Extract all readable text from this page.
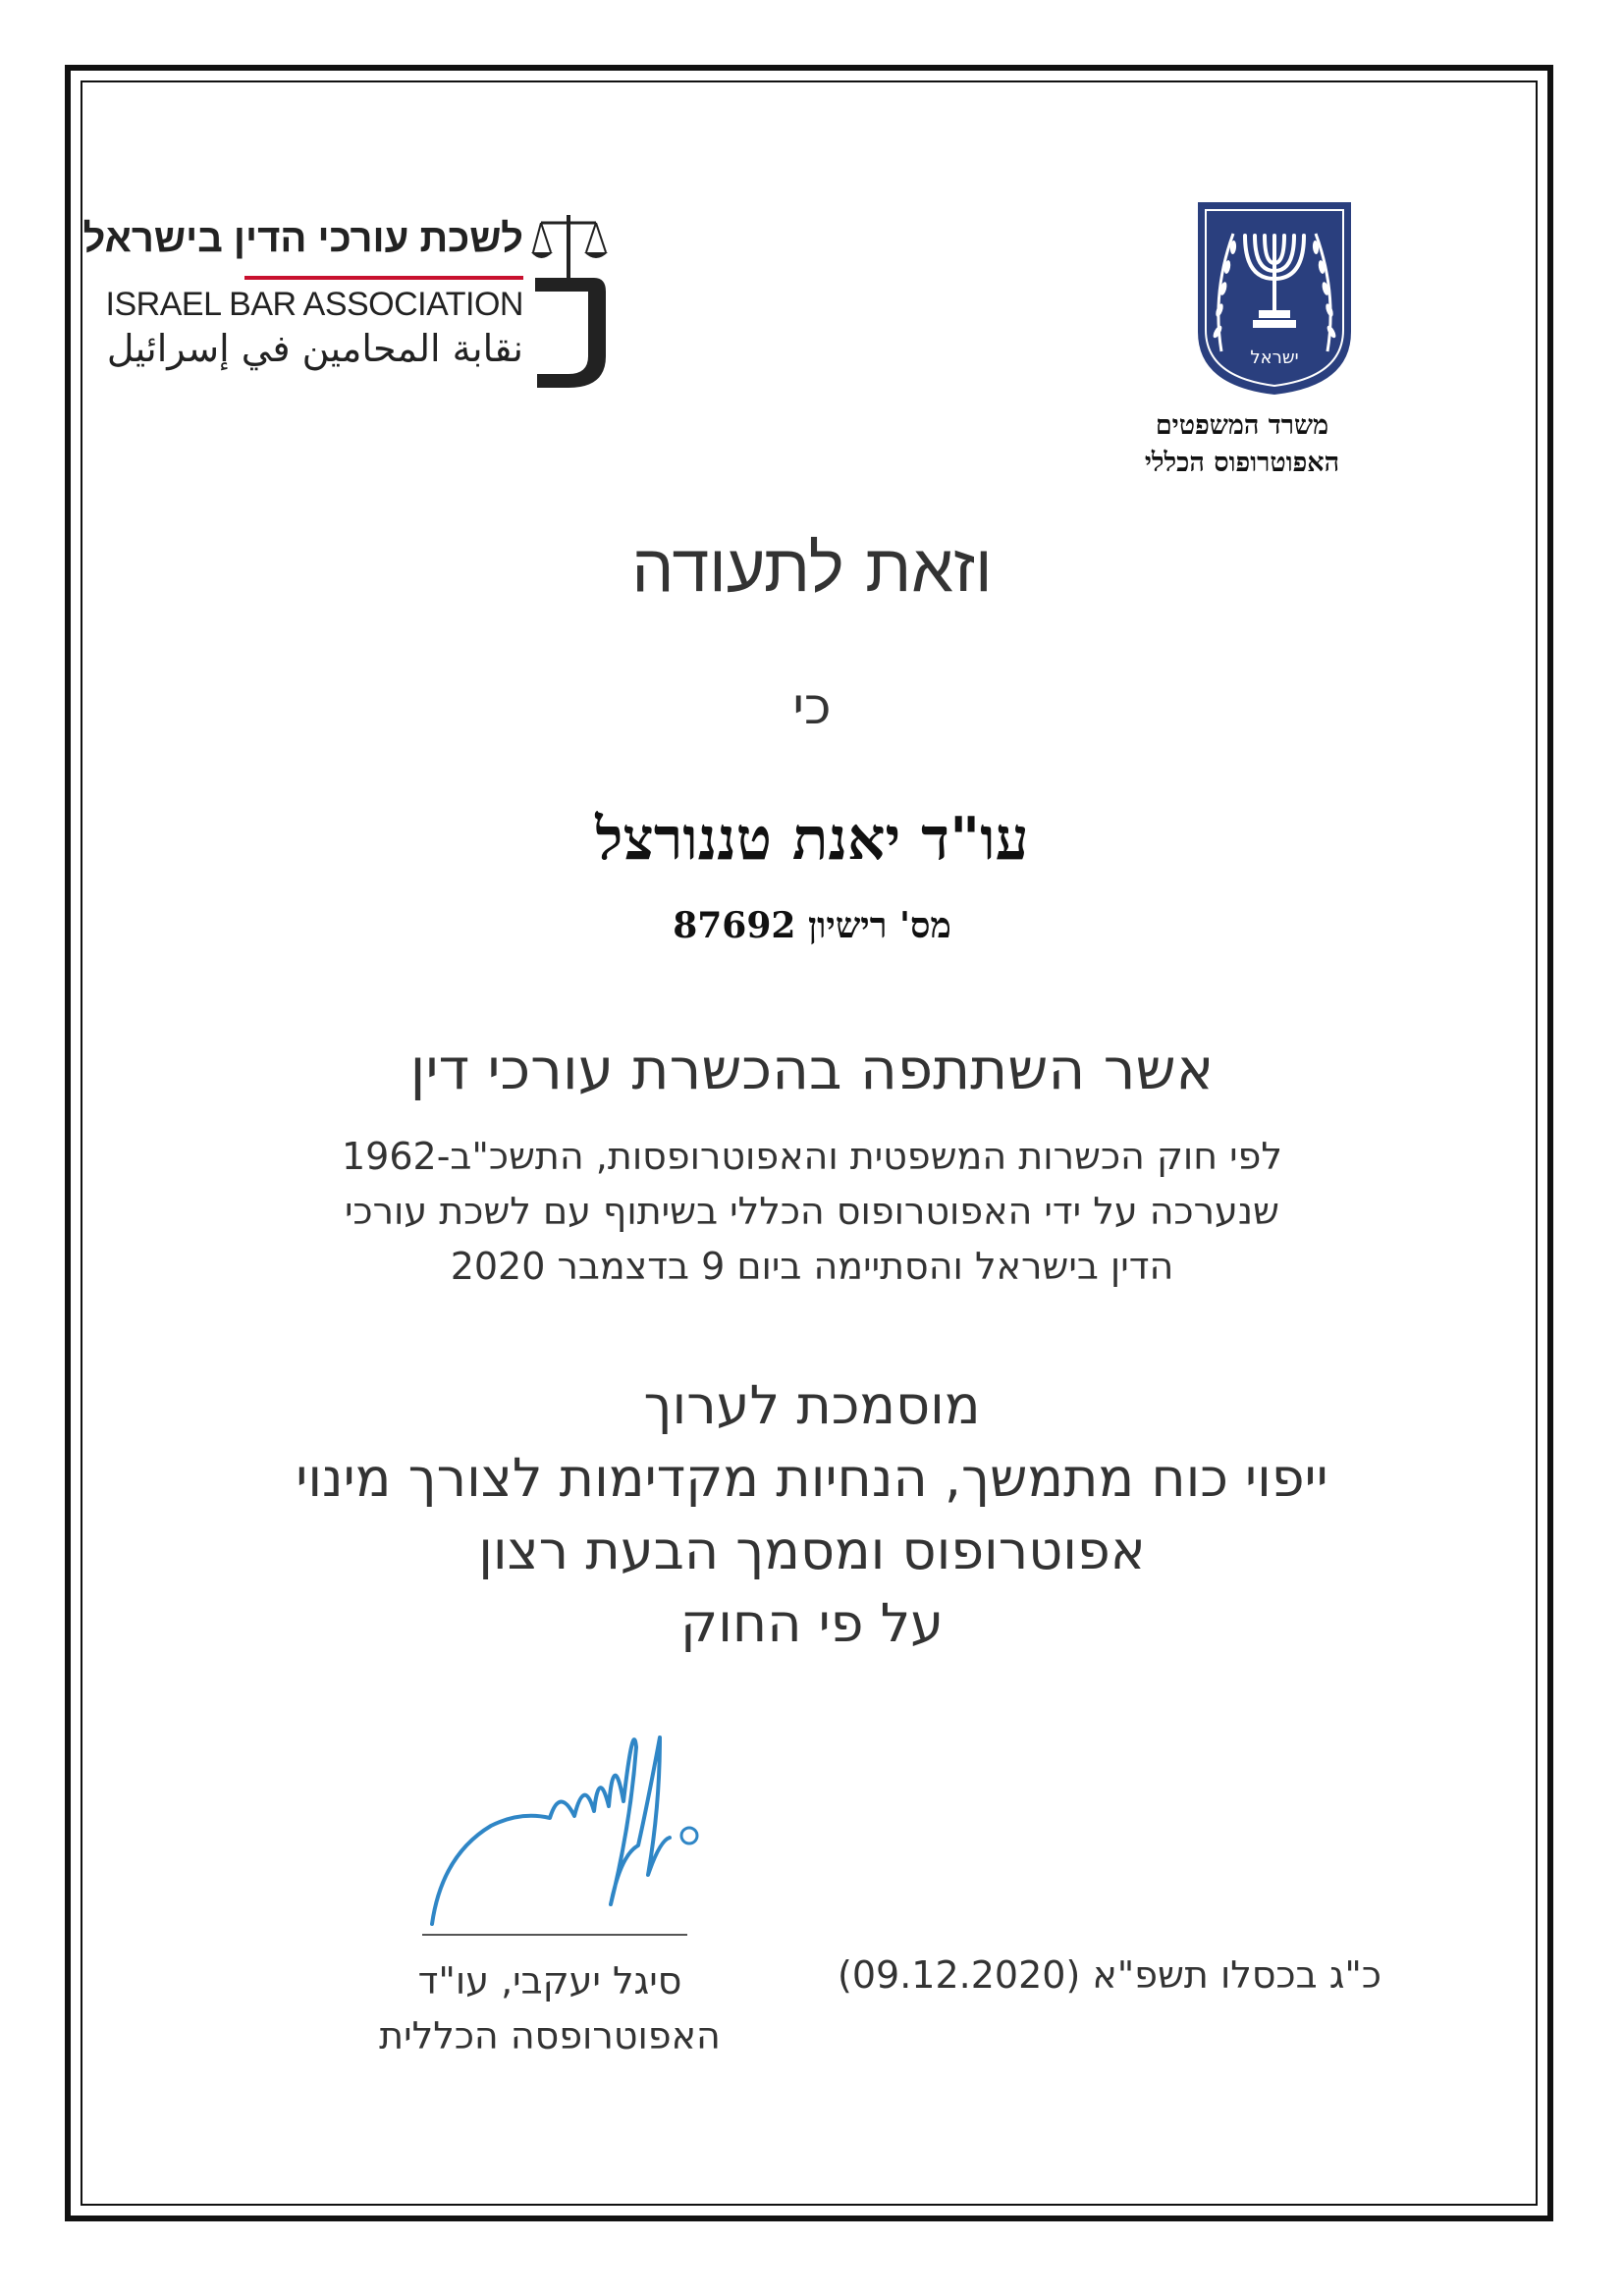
ישראל
משרד המשפטים
האפוטרופוס הכללי
לשכת עורכי הדין בישראל
ISRAEL BAR ASSOCIATION
نقابة المحامين في إسرائيل
וזאת לתעודה
כי
עו"ד יאנת טננורצל
מס' רישיון 87692
אשר השתתפה בהכשרת עורכי דין
לפי חוק הכשרות המשפטית והאפוטרופסות, התשכ"ב-1962
שנערכה על ידי האפוטרופוס הכללי בשיתוף עם לשכת עורכי
הדין בישראל והסתיימה ביום 9 בדצמבר 2020
מוסמכת לערוך
ייפוי כוח מתמשך, הנחיות מקדימות לצורך מינוי
אפוטרופוס ומסמך הבעת רצון
על פי החוק
סיגל יעקבי, עו"ד
האפוטרופסה הכללית
כ"ג בכסלו תשפ"א (09.12.2020)
